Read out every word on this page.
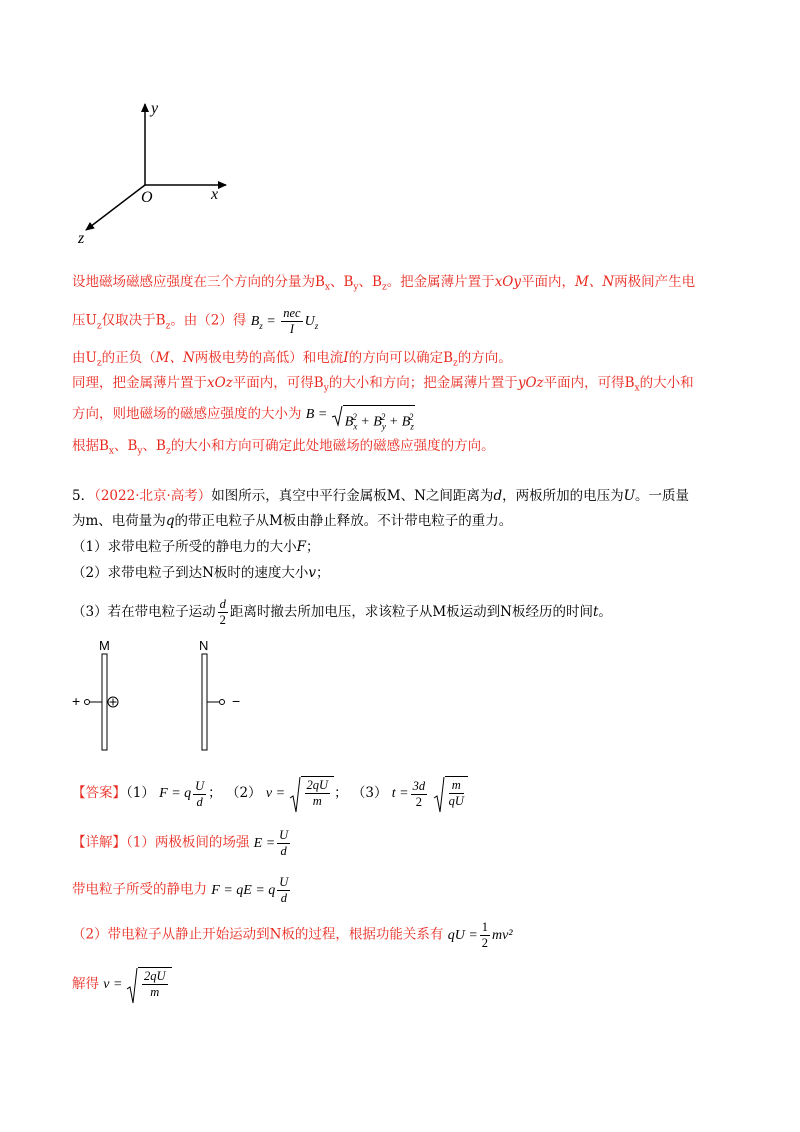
y
O	x
z
设地磁场磁感应强度在三个方向的分量为$B_x$、$B_y$、$B_z$。把金属薄片置于xOy平面内，M、N两极间产生电
压$U_z$仅取决于$B_z$。由（2）得 $B_z = \frac{\text{nec}}{I} U_z$
由$U_z$的正负（M、N两极电势的高低）和电流I的方向可以确定$B_z$的方向。
同理，把金属薄片置于xOz平面内，可得$B_y$的大小和方向；把金属薄片置于yOz平面内，可得$B_x$的大小和
方向，则地磁场的磁感应强度的大小为 B =
$B_x^2 + B_y^2 + B_z^2$
根据$B_x$、$B_y$、$B_z$的大小和方向可确定此处地磁场的磁感应强度的方向。
5．（2022·北京·高考）如图所示，真空中平行金属板M、N之间距离为d，两板所加的电压为U。一质量
为m、电荷量为q的带正电粒子从M板由静止释放。不计带电粒子的重力。
（1）求带电粒子所受的静电力的大小F；
（2）求带电粒子到达N板时的速度大小v；
（3）若在带电粒子运动 $\frac{d}{2}$ 距离时撤去所加电压，求该粒子从M板运动到N板经历的时间t。
M	N
+	−
【答案】（1） F = q $\frac{U}{d}$ ； （2） $v = \frac{2qU}{m}$ ； （3） $t = \frac{3d}{2}$
$\frac{m}{qU}$
【详解】（1）两极板间的场强 $E = \frac{U}{d}$
带电粒子所受的静电力 F = qE = q $\frac{U}{d}$
（2）带电粒子从静止开始运动到N板的过程，根据功能关系有 qU = $\frac{1}{2} mv^2$
解得 $v = \frac{2qU}{m}$
